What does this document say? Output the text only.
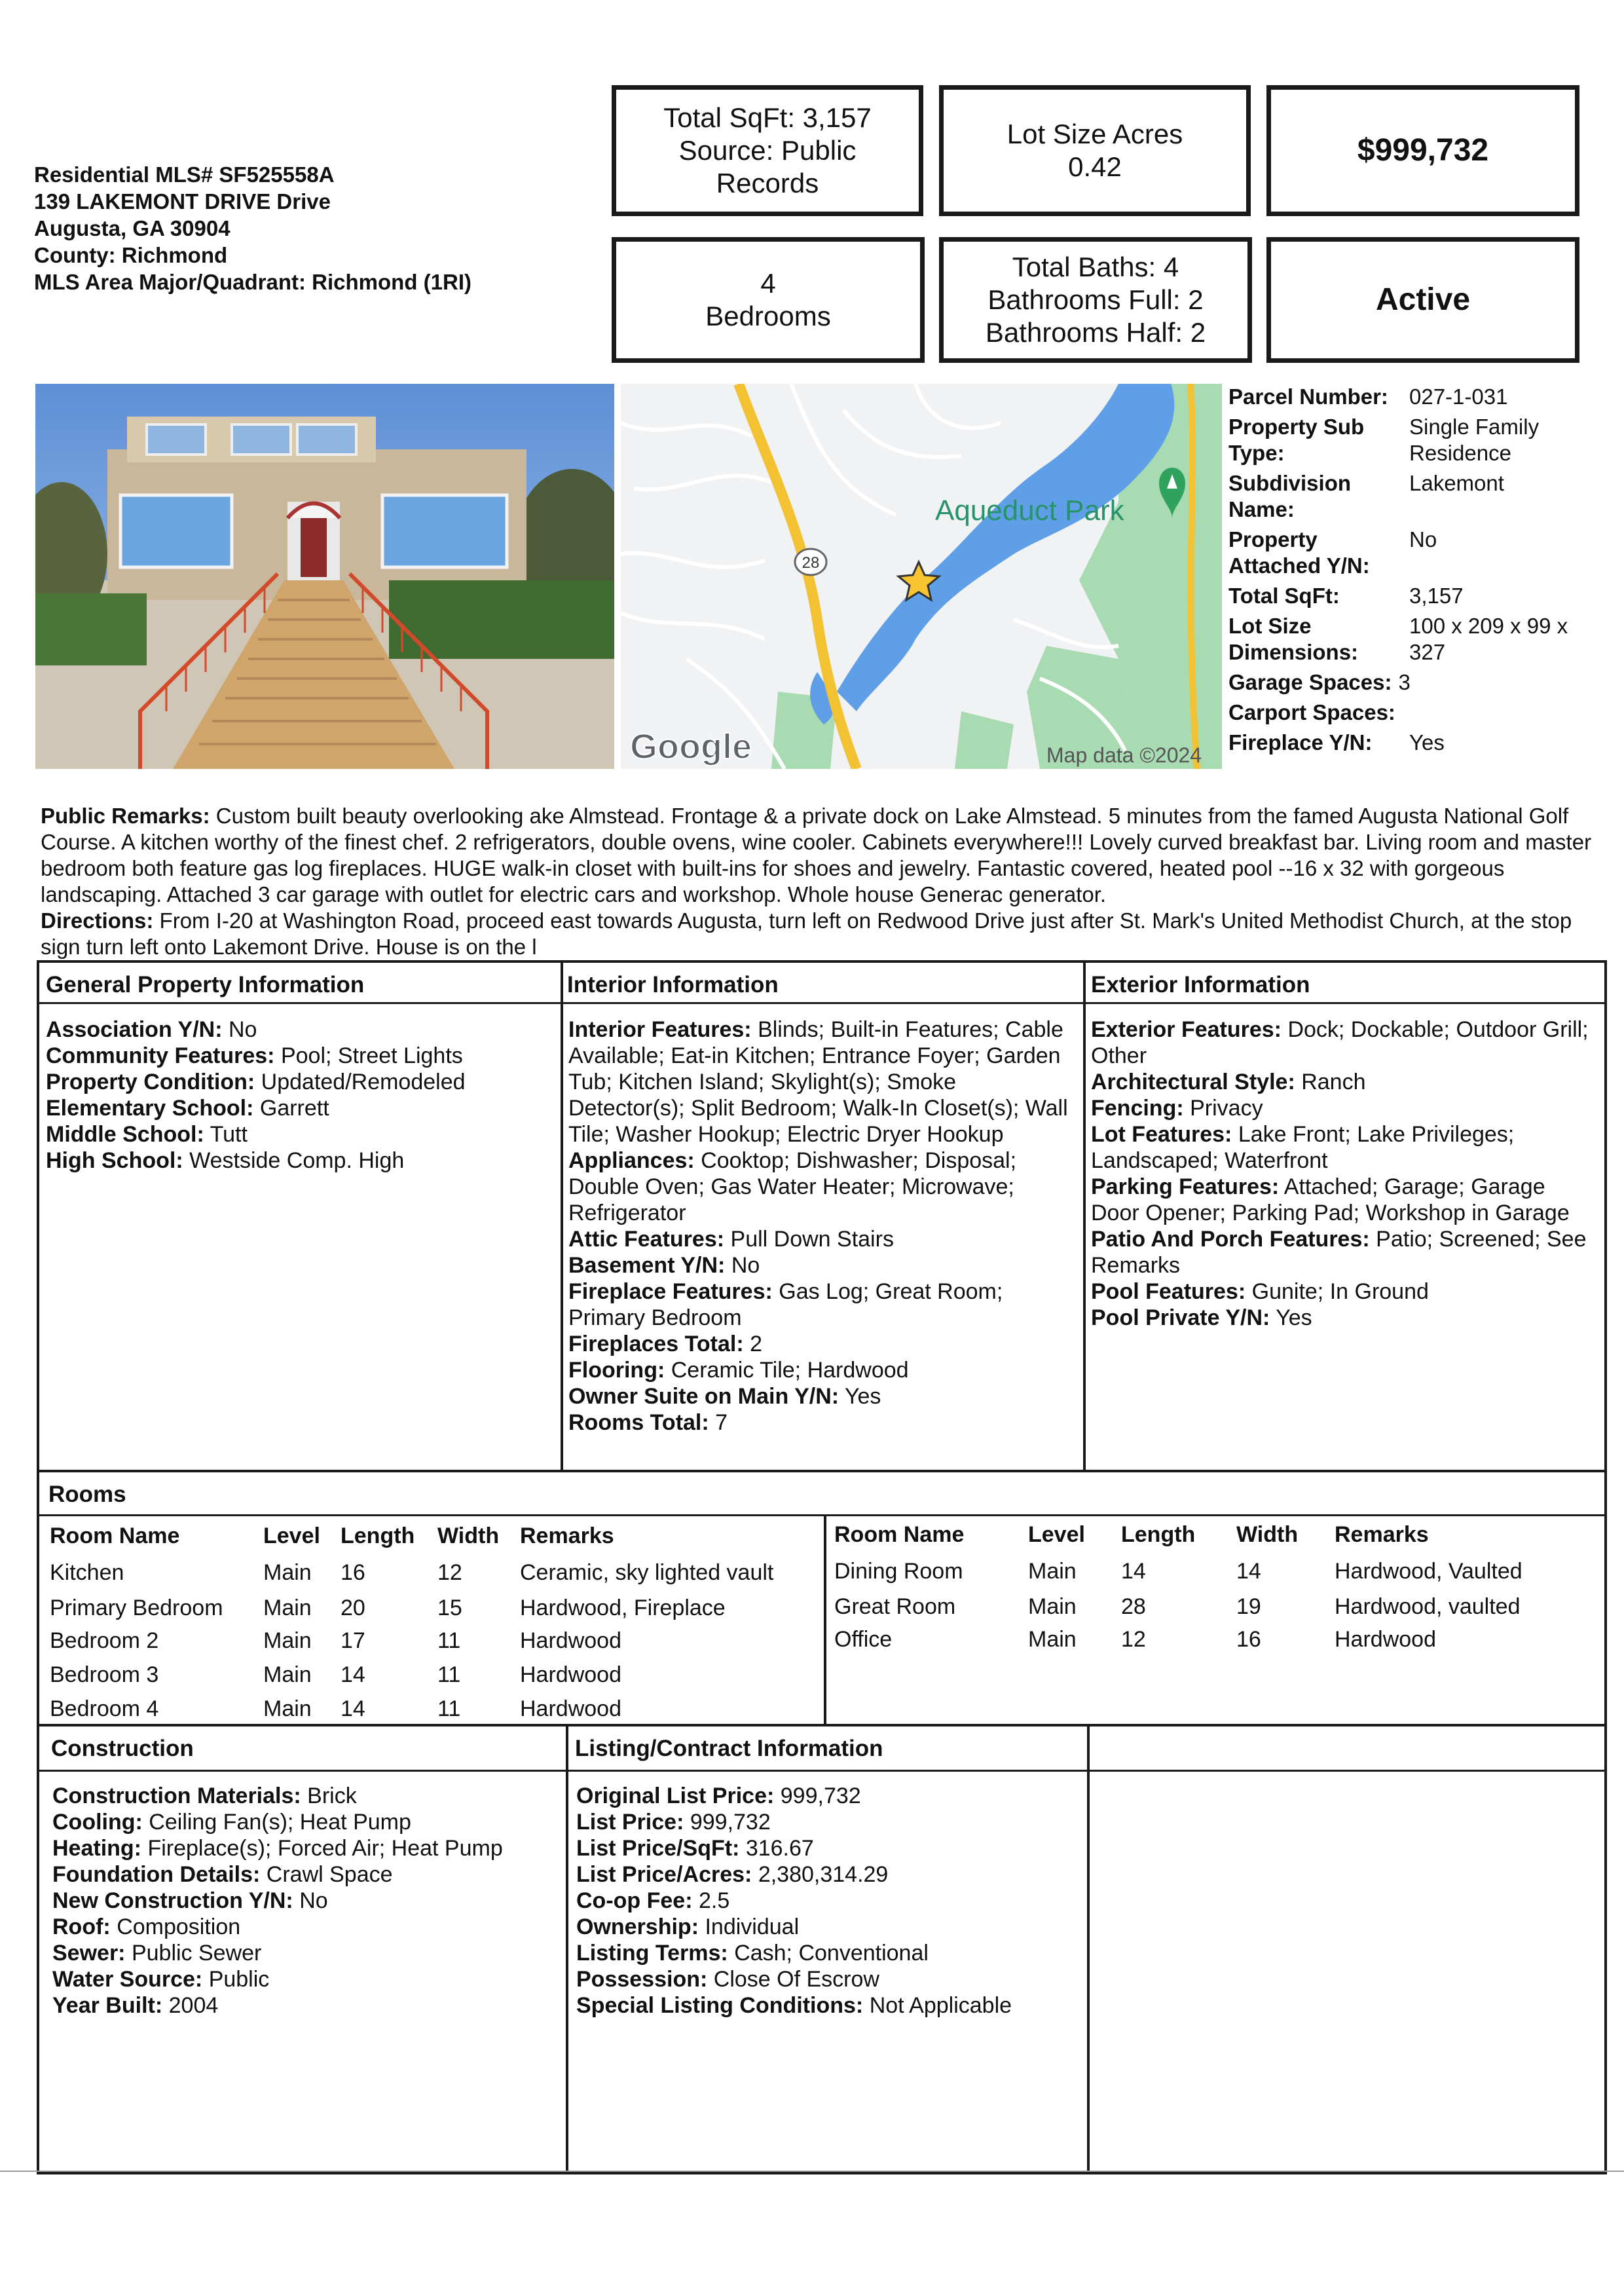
Residential MLS# SF525558A
139 LAKEMONT DRIVE Drive
Augusta, GA 30904
County: Richmond
MLS Area Major/Quadrant: Richmond (1RI)
Total SqFt: 3,157
Source: Public
Records
Lot Size Acres
0.42	$999,732
4
Bedrooms
Total Baths: 4
Bathrooms Full: 2
Bathrooms Half: 2
Active
28
Aqueduct Park
Google	Map data ©2024
Parcel Number: 027-1-031
Property Sub Type:
Single Family Residence
Subdivision Name:
Lakemont
Property Attached Y/N:
No
Total SqFt:	3,157
Lot Size Dimensions:
100 x 209 x 99 x 327
Garage Spaces: 3
Carport Spaces:
Fireplace Y/N:	Yes
Public Remarks: Custom built beauty overlooking ake Almstead. Frontage & a private dock on Lake Almstead. 5 minutes from the famed Augusta National Golf Course. A kitchen worthy of the finest chef. 2 refrigerators, double ovens, wine cooler. Cabinets everywhere!!! Lovely curved breakfast bar. Living room and master bedroom both feature gas log fireplaces. HUGE walk-in closet with built-ins for shoes and jewelry. Fantastic covered, heated pool --16 x 32 with gorgeous landscaping. Attached 3 car garage with outlet for electric cars and workshop. Whole house Generac generator.
Directions: From I-20 at Washington Road, proceed east towards Augusta, turn left on Redwood Drive just after St. Mark's United Methodist Church, at the stop sign turn left onto Lakemont Drive. House is on the l
General Property Information	Interior Information	Exterior Information
Association Y/N: No
Community Features: Pool; Street Lights
Property Condition: Updated/Remodeled
Elementary School: Garrett
Middle School: Tutt
High School: Westside Comp. High
Interior Features: Blinds; Built-in Features; Cable Available; Eat-in Kitchen; Entrance Foyer; Garden Tub; Kitchen Island; Skylight(s); Smoke Detector(s); Split Bedroom; Walk-In Closet(s); Wall Tile; Washer Hookup; Electric Dryer Hookup
Appliances: Cooktop; Dishwasher; Disposal; Double Oven; Gas Water Heater; Microwave; Refrigerator
Attic Features: Pull Down Stairs
Basement Y/N: No
Fireplace Features: Gas Log; Great Room; Primary Bedroom
Fireplaces Total: 2
Flooring: Ceramic Tile; Hardwood
Owner Suite on Main Y/N: Yes
Rooms Total: 7
Exterior Features: Dock; Dockable; Outdoor Grill; Other
Architectural Style: Ranch
Fencing: Privacy
Lot Features: Lake Front; Lake Privileges; Landscaped; Waterfront
Parking Features: Attached; Garage; Garage Door Opener; Parking Pad; Workshop in Garage
Patio And Porch Features: Patio; Screened; See Remarks
Pool Features: Gunite; In Ground
Pool Private Y/N: Yes
Rooms
Room Name	Level Length Width Remarks
Kitchen	Main 16	12	Ceramic, sky lighted vault
Primary Bedroom Main 20	15	Hardwood, Fireplace
Bedroom 2	Main 17	11	Hardwood
Bedroom 3	Main 14	11	Hardwood
Bedroom 4	Main 14	11	Hardwood
Room Name	Level Length Width Remarks
Dining Room	Main 14	14	Hardwood, Vaulted
Great Room	Main 28	19	Hardwood, vaulted
Office	Main 12	16	Hardwood
Construction	Listing/Contract Information
Construction Materials: Brick
Cooling: Ceiling Fan(s); Heat Pump
Heating: Fireplace(s); Forced Air; Heat Pump
Foundation Details: Crawl Space
New Construction Y/N: No
Roof: Composition
Sewer: Public Sewer
Water Source: Public
Year Built: 2004
Original List Price: 999,732
List Price: 999,732
List Price/SqFt: 316.67
List Price/Acres: 2,380,314.29
Co-op Fee: 2.5
Ownership: Individual
Listing Terms: Cash; Conventional
Possession: Close Of Escrow
Special Listing Conditions: Not Applicable
